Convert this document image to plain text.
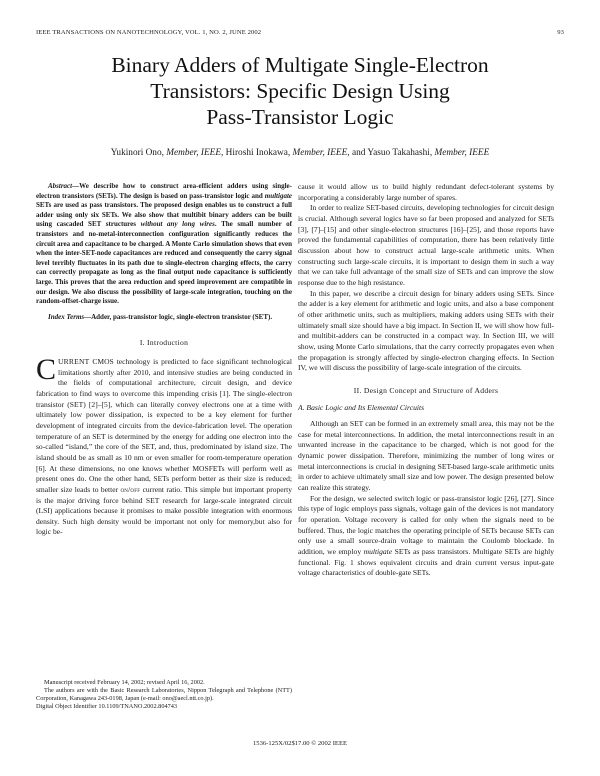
IEEE TRANSACTIONS ON NANOTECHNOLOGY, VOL. 1, NO. 2, JUNE 2002	93
Binary Adders of Multigate Single-Electron
Transistors: Specific Design Using
Pass-Transistor Logic
Yukinori Ono, Member, IEEE, Hiroshi Inokawa, Member, IEEE, and Yasuo Takahashi, Member, IEEE

Abstract—We describe how to construct area-efficient adders using single-electron transistors (SETs). The design is based on pass-transistor logic and multigate SETs are used as pass transistors. The proposed design enables us to construct a full adder using only six SETs. We also show that multibit binary adders can be built using cascaded SET structures without any long wires. The small number of transistors and no-metal-interconnection configuration significantly reduces the circuit area and capacitance to be charged. A Monte Carlo simulation shows that even when the inter-SET-node capacitances are reduced and consequently the carry signal level terribly fluctuates in its path due to single-electron charging effects, the carry can correctly propagate as long as the final output node capacitance is sufficiently large. This proves that the area reduction and speed improvement are compatible in our design. We also discuss the possibility of large-scale integration, touching on the random-offset-charge issue.

Index Terms—Adder, pass-transistor logic, single-electron transistor (SET).

I. Introduction

CURRENT CMOS technology is predicted to face significant technological limitations shortly after 2010, and intensive studies are being conducted in the fields of computational architecture, circuit design, and device fabrication to find ways to overcome this impending crisis [1]. The single-electron transistor (SET) [2]–[5], which can literally convey electrons one at a time with ultimately low power dissipation, is expected to be a key element for further development of integrated circuits from the device-fabrication level. The operation temperature of an SET is determined by the energy for adding one electron into the so-called “island,” the core of the SET, and, thus, predominated by island size. The island should be as small as 10 nm or even smaller for room-temperature operation [6]. At these dimensions, no one knows whether MOSFETs will perform well as present ones do. One the other hand, SETs perform better as their size is reduced; smaller size leads to better on/off current ratio. This simple but important property is the major driving force behind SET research for large-scale integrated circuit (LSI) applications because it promises to make possible integration with enormous density. Such high density would be important not only for memory,but also for logic be-

Manuscript received February 14, 2002; revised April 16, 2002.

The authors are with the Basic Research Laboratories, Nippon Telegraph and Telephone (NTT) Corporation, Kanagawa 243-0198, Japan (e-mail: ono@aecl.ntt.co.jp).

Digital Object Identifier 10.1109/TNANO.2002.804743

cause it would allow us to build highly redundant defect-tolerant systems by incorporating a considerably large number of spares.

In order to realize SET-based circuits, developing technologies for circuit design is crucial. Although several logics have so far been proposed and analyzed for SETs [3], [7]–[15] and other single-electron structures [16]–[25], and those reports have proved the fundamental capabilities of computation, there has been relatively little discussion about how to construct actual large-scale arithmetic units. When constructing such large-scale circuits, it is important to design them in such a way that we can take full advantage of the small size of SETs and can improve the slow response due to the high resistance.

In this paper, we describe a circuit design for binary adders using SETs. Since the adder is a key element for arithmetic and logic units, and also a base component of other arithmetic units, such as multipliers, making adders using SETs with their ultimately small size should have a big impact. In Section II, we will show how full- and multibit-adders can be constructed in a compact way. In Section III, we will show, using Monte Carlo simulations, that the carry correctly propagates even when the propagation is strongly affected by single-electron charging effects. In Section IV, we will discuss the possibility of large-scale integration of the circuits.

II. Design Concept and Structure of Adders
A. Basic Logic and Its Elemental Circuits

Although an SET can be formed in an extremely small area, this may not be the case for metal interconnections. In addition, the metal interconnections result in an unwanted increase in the capacitance to be charged, which is not good for the dynamic power dissipation. Therefore, minimizing the number of long wires or metal interconnections is crucial in designing SET-based large-scale arithmetic units in order to achieve ultimately small size and low power. The design presented below can realize this strategy.

For the design, we selected switch logic or pass-transistor logic [26], [27]. Since this type of logic employs pass signals, voltage gain of the devices is not mandatory for operation. Voltage recovery is called for only when the signals need to be buffered. Thus, the logic matches the operating principle of SETs because SETs can only use a small source-drain voltage to maintain the Coulomb blockade. In addition, we employ multigate SETs as pass transistors. Multigate SETs are highly functional. Fig. 1 shows equivalent circuits and drain current versus input-gate voltage characteristics of double-gate SETs.

1536-125X/02$17.00 © 2002 IEEE
